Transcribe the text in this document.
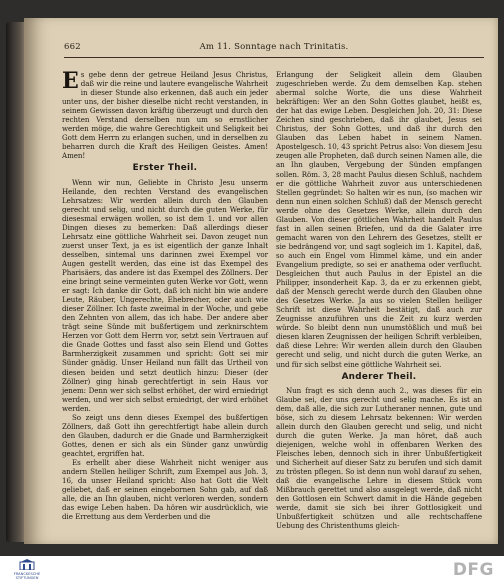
662	Am 11. Sonntage nach Trinitatis.

Es gebe denn der getreue Heiland Jesus Christus, daß wir die reine und lautere evangelische Wahrheit in dieser Stunde also erkennen, daß auch ein jeder unter uns, der bisher dieselbe nicht recht verstanden, in seinem Gewissen davon kräftig überzeugt und durch den rechten Verstand derselben nun um so ernstlicher werden möge, die wahre Gerechtigkeit und Seligkeit bei Gott dem Herrn zu erlangen suchen, und in derselben zu beharren durch die Kraft des Heiligen Geistes. Amen! Amen!

Erster Theil.

Wenn wir nun, Geliebte in Christo Jesu unserm Heilande, den rechten Verstand des evangelischen Lehrsatzes: Wir werden allein durch den Glauben gerecht und selig, und nicht durch die guten Werke, für diesesmal erwägen wollen, so ist dem 1. und vor allen Dingen dieses zu bemerken: Daß allerdings dieser Lehrsatz eine göttliche Wahrheit sei. Davon zeuget nun zuerst unser Text, ja es ist eigentlich der ganze Inhalt desselben, sintemal uns darinnen zwei Exempel vor Augen gestellt werden, das eine ist das Exempel des Pharisäers, das andere ist das Exempel des Zöllners. Der eine bringt seine vermeinten guten Werke vor Gott, wenn er sagt: Ich danke dir Gott, daß ich nicht bin wie andere Leute, Räuber, Ungerechte, Ehebrecher, oder auch wie dieser Zöllner. Ich faste zweimal in der Woche, und gebe den Zehnten von allem, das ich habe. Der andere aber trägt seine Sünde mit bußfertigem und zerknirschtem Herzen vor Gott dem Herrn vor, setzt sein Vertrauen auf die Gnade Gottes und fasst also sein Elend und Gottes Barmherzigkeit zusammen und spricht: Gott sei mir Sünder gnädig. Unser Heiland nun fällt das Urtheil von diesen beiden und setzt deutlich hinzu: Dieser (der Zöllner) ging hinab gerechtfertigt in sein Haus vor jenem: Denn wer sich selbst erhöhet, der wird erniedrigt werden, und wer sich selbst erniedrigt, der wird erhöhet werden.

So zeigt uns denn dieses Exempel des bußfertigen Zöllners, daß Gott ihn gerechtfertigt habe allein durch den Glauben, dadurch er die Gnade und Barmherzigkeit Gottes, denen er sich als ein Sünder ganz unwürdig geachtet, ergriffen hat.

Es erhellt aber diese Wahrheit nicht weniger aus andern Stellen heiliger Schrift, zum Exempel aus Joh. 3, 16, da unser Heiland spricht: Also hat Gott die Welt geliebet, daß er seinen eingebornen Sohn gab, auf daß alle, die an Ihn glauben, nicht verloren werden, sondern das ewige Leben haben. Da hören wir ausdrücklich, wie die Errettung aus dem Verderben und die

Erlangung der Seligkeit allein dem Glauben zugeschrieben werde. Zu dem demselben Kap. stehen abermal solche Worte, die uns diese Wahrheit bekräftigen: Wer an den Sohn Gottes glaubet, heißt es, der hat das ewige Leben. Desgleichen Joh. 20, 31: Diese Zeichen sind geschrieben, daß ihr glaubet, Jesus sei Christus, der Sohn Gottes, und daß ihr durch den Glauben das Leben habet in seinem Namen. Apostelgesch. 10, 43 spricht Petrus also: Von diesem Jesu zeugen alle Propheten, daß durch seinen Namen alle, die an Ihn glauben, Vergebung der Sünden empfangen sollen. Röm. 3, 28 macht Paulus diesen Schluß, nachdem er die göttliche Wahrheit zuvor aus unterschiedenen Stellen gegründet: So halten wir es nun, (so machen wir denn nun einen solchen Schluß) daß der Mensch gerecht werde ohne des Gesetzes Werke, allein durch den Glauben. Von dieser göttlichen Wahrheit handelt Paulus fast in allen seinen Briefen, und da die Galater irre gemacht waren von den Lehrern des Gesetzes, stellt er sie bedrängend vor, und sagt sogleich im 1. Kapitel, daß, so auch ein Engel vom Himmel käme, und ein ander Evangelium predigte, so sei er anathema oder verflucht. Desgleichen thut auch Paulus in der Epistel an die Philipper, insonderheit Kap. 3, da er zu erkennen giebt, daß der Mensch gerecht werde durch den Glauben ohne des Gesetzes Werke. Ja aus so vielen Stellen heiliger Schrift ist diese Wahrheit bestätigt, daß auch zur Zeugnisse anzuführen uns die Zeit zu kurz werden würde. So bleibt denn nun unumstößlich und muß bei diesen klaren Zeugnissen der heiligen Schrift verbleiben, daß diese Lehre: Wir werden allein durch den Glauben gerecht und selig, und nicht durch die guten Werke, an und für sich selbst eine göttliche Wahrheit sei.

Anderer Theil.

Nun fragt es sich denn auch 2., was dieses für ein Glaube sei, der uns gerecht und selig mache. Es ist an dem, daß alle, die sich zur Lutheraner nennen, gute und böse, sich zu diesem Lehrsatz bekennen: Wir werden allein durch den Glauben gerecht und selig, und nicht durch die guten Werke. Ja man höret, daß auch diejenigen, welche wohl in offenbaren Werken des Fleisches leben, dennoch sich in ihrer Unbußfertigkeit und Sicherheit auf dieser Satz zu berufen und sich damit zu trösten pflegen. So ist denn nun wohl darauf zu sehen, daß die evangelische Lehre in diesem Stück vom Mißbrauch gerettet und also ausgelegt werde, daß nicht den Gottlosen ein Schwert damit in die Hände gegeben werde, damit sie sich bei ihrer Gottlosigkeit und Unbußfertigkeit schützen und alle rechtschaffene Uebung des Christenthums gleich-

FRANCKESCHE STIFTUNGEN	DFG
